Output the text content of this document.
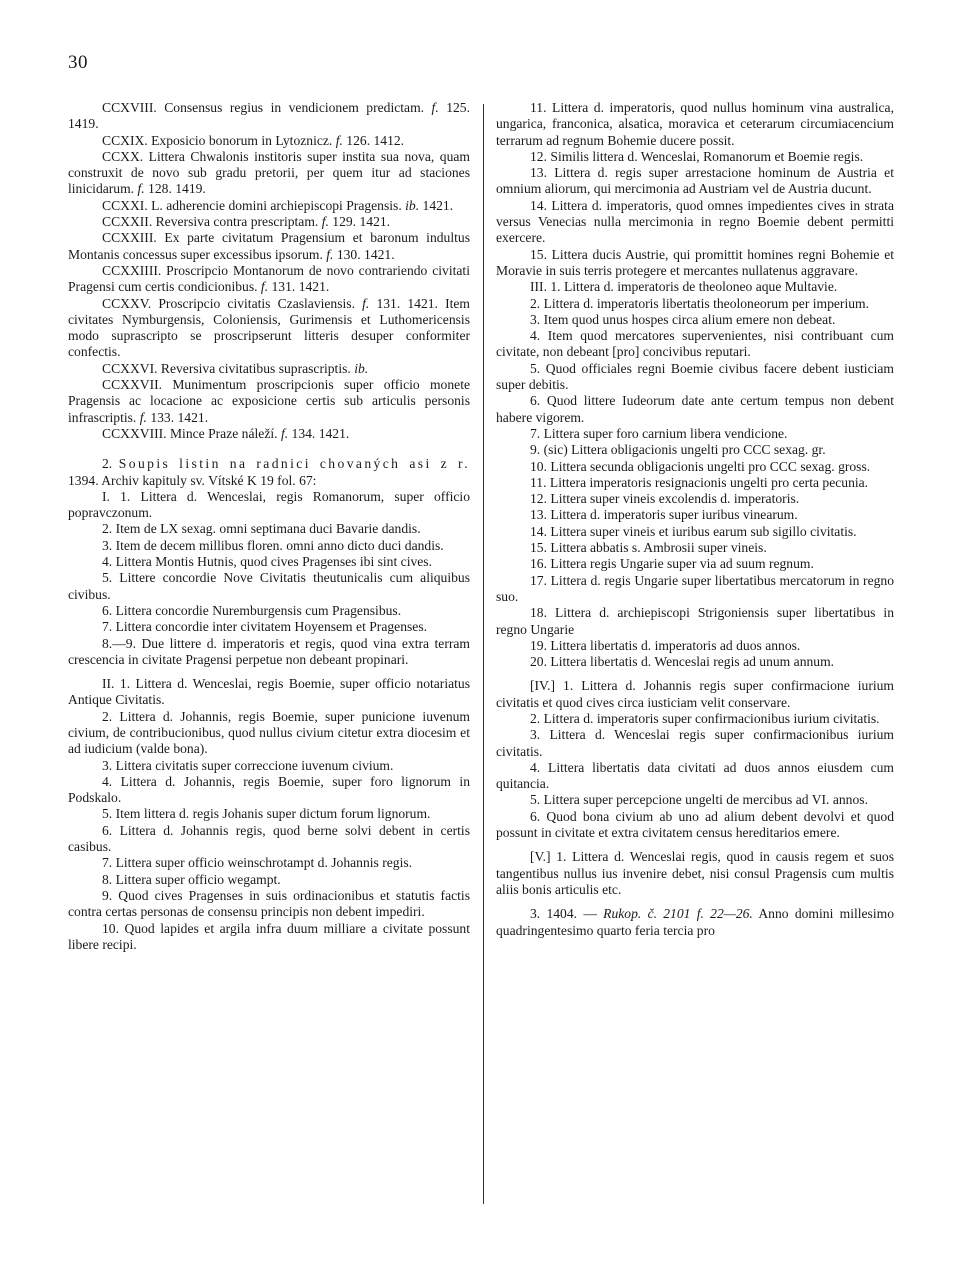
30

CCXVIII. Consensus regius in vendicionem predictam. f. 125. 1419.

CCXIX. Exposicio bonorum in Lytoznicz. f. 126. 1412.

CCXX. Littera Chwalonis institoris super instita sua nova, quam construxit de novo sub gradu pretorii, per quem itur ad staciones linicidarum. f. 128. 1419.

CCXXI. L. adherencie domini archiepiscopi Pragensis. ib. 1421.

CCXXII. Reversiva contra prescriptam. f. 129. 1421.

CCXXIII. Ex parte civitatum Pragensium et baronum indultus Montanis concessus super excessibus ipsorum. f. 130. 1421.

CCXXIIII. Proscripcio Montanorum de novo contrariendo civitati Pragensi cum certis condicionibus. f. 131. 1421.

CCXXV. Proscripcio civitatis Czaslaviensis. f. 131. 1421. Item civitates Nymburgensis, Coloniensis, Gurimensis et Luthomericensis modo suprascripto se proscripserunt litteris desuper conformiter confectis.

CCXXVI. Reversiva civitatibus suprascriptis. ib.

CCXXVII. Munimentum proscripcionis super officio monete Pragensis ac locacione ac exposicione certis sub articulis personis infrascriptis. f. 133. 1421.

CCXXVIII. Mince Praze náleží. f. 134. 1421.

2. Soupis listin na radnici chovaných asi z r. 1394. Archiv kapituly sv. Vítské K 19 fol. 67:

I. 1. Littera d. Wenceslai, regis Romanorum, super officio popravczonum.

2. Item de LX sexag. omni septimana duci Bavarie dandis.

3. Item de decem millibus floren. omni anno dicto duci dandis.

4. Littera Montis Hutnis, quod cives Pragenses ibi sint cives.

5. Littere concordie Nove Civitatis theutunicalis cum aliquibus civibus.

6. Littera concordie Nuremburgensis cum Pragensibus.

7. Littera concordie inter civitatem Hoyensem et Pragenses.

8.—9. Due littere d. imperatoris et regis, quod vina extra terram crescencia in civitate Pragensi perpetue non debeant propinari.

II. 1. Littera d. Wenceslai, regis Boemie, super officio notariatus Antique Civitatis.

2. Littera d. Johannis, regis Boemie, super punicione iuvenum civium, de contribucionibus, quod nullus civium citetur extra diocesim et ad iudicium (valde bona).

3. Littera civitatis super correccione iuvenum civium.

4. Littera d. Johannis, regis Boemie, super foro lignorum in Podskalo.

5. Item littera d. regis Johanis super dictum forum lignorum.

6. Littera d. Johannis regis, quod berne solvi debent in certis casibus.

7. Littera super officio weinschrotampt d. Johannis regis.

8. Littera super officio wegampt.

9. Quod cives Pragenses in suis ordinacionibus et statutis factis contra certas personas de consensu principis non debent impediri.

10. Quod lapides et argila infra duum milliare a civitate possunt libere recipi.

11. Littera d. imperatoris, quod nullus hominum vina australica, ungarica, franconica, alsatica, moravica et ceterarum circumiacencium terrarum ad regnum Bohemie ducere possit.

12. Similis littera d. Wenceslai, Romanorum et Boemie regis.

13. Littera d. regis super arrestacione hominum de Austria et omnium aliorum, qui mercimonia ad Austriam vel de Austria ducunt.

14. Littera d. imperatoris, quod omnes impedientes cives in strata versus Venecias nulla mercimonia in regno Boemie debent permitti exercere.

15. Littera ducis Austrie, qui promittit homines regni Bohemie et Moravie in suis terris protegere et mercantes nullatenus aggravare.

III. 1. Littera d. imperatoris de theoloneo aque Multavie.

2. Littera d. imperatoris libertatis theoloneorum per imperium.

3. Item quod unus hospes circa alium emere non debeat.

4. Item quod mercatores supervenientes, nisi contribuant cum civitate, non debeant [pro] concivibus reputari.

5. Quod officiales regni Boemie civibus facere debent iusticiam super debitis.

6. Quod littere Iudeorum date ante certum tempus non debent habere vigorem.

7. Littera super foro carnium libera vendicione.

9. (sic) Littera obligacionis ungelti pro CCC sexag. gr.

10. Littera secunda obligacionis ungelti pro CCC sexag. gross.

11. Littera imperatoris resignacionis ungelti pro certa pecunia.

12. Littera super vineis excolendis d. imperatoris.

13. Littera d. imperatoris super iuribus vinearum.

14. Littera super vineis et iuribus earum sub sigillo civitatis.

15. Littera abbatis s. Ambrosii super vineis.

16. Littera regis Ungarie super via ad suum regnum.

17. Littera d. regis Ungarie super libertatibus mercatorum in regno suo.

18. Littera d. archiepiscopi Strigoniensis super libertatibus in regno Ungarie

19. Littera libertatis d. imperatoris ad duos annos.

20. Littera libertatis d. Wenceslai regis ad unum annum.

[IV.] 1. Littera d. Johannis regis super confirmacione iurium civitatis et quod cives circa iusticiam velit conservare.

2. Littera d. imperatoris super confirmacionibus iurium civitatis.

3. Littera d. Wenceslai regis super confirmacionibus iurium civitatis.

4. Littera libertatis data civitati ad duos annos eiusdem cum quitancia.

5. Littera super percepcione ungelti de mercibus ad VI. annos.

6. Quod bona civium ab uno ad alium debent devolvi et quod possunt in civitate et extra civitatem census hereditarios emere.

[V.] 1. Littera d. Wenceslai regis, quod in causis regem et suos tangentibus nullus ius invenire debet, nisi consul Pragensis cum multis aliis bonis articulis etc.

3. 1404. — Rukop. č. 2101 f. 22—26. Anno domini millesimo quadringentesimo quarto feria tercia pro
